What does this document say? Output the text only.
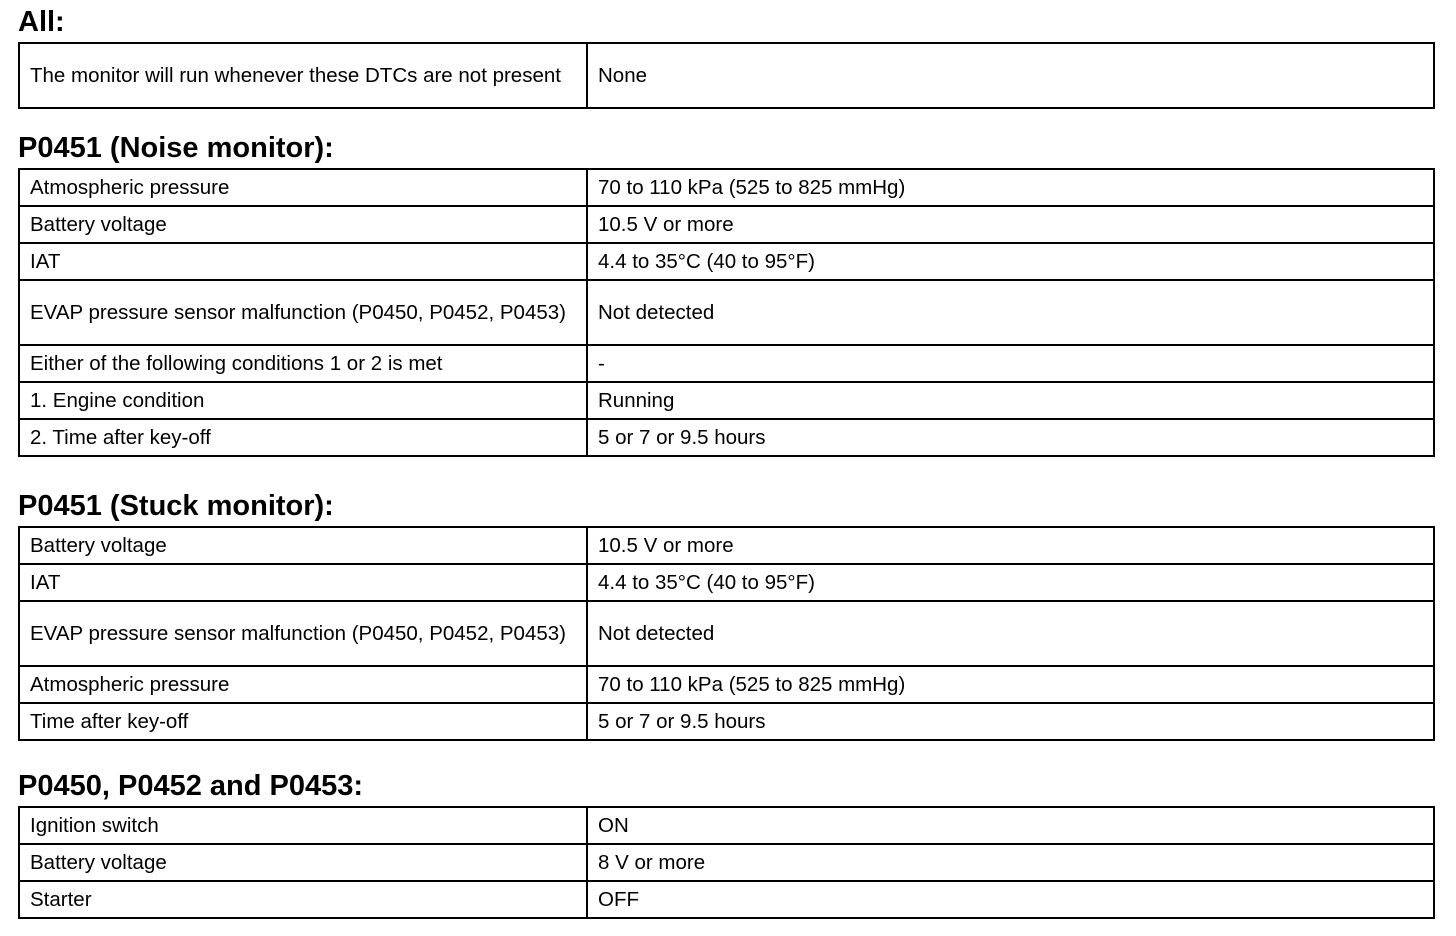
All:
The monitor will run whenever these DTCs are not present	None
P0451 (Noise monitor):
Atmospheric pressure	70 to 110 kPa (525 to 825 mmHg)
Battery voltage	10.5 V or more
IAT	4.4 to 35°C (40 to 95°F)
EVAP pressure sensor malfunction (P0450, P0452, P0453)	Not detected
Either of the following conditions 1 or 2 is met	-
1. Engine condition	Running
2. Time after key-off	5 or 7 or 9.5 hours
P0451 (Stuck monitor):
Battery voltage	10.5 V or more
IAT	4.4 to 35°C (40 to 95°F)
EVAP pressure sensor malfunction (P0450, P0452, P0453)	Not detected
Atmospheric pressure	70 to 110 kPa (525 to 825 mmHg)
Time after key-off	5 or 7 or 9.5 hours
P0450, P0452 and P0453:
Ignition switch	ON
Battery voltage	8 V or more
Starter	OFF
